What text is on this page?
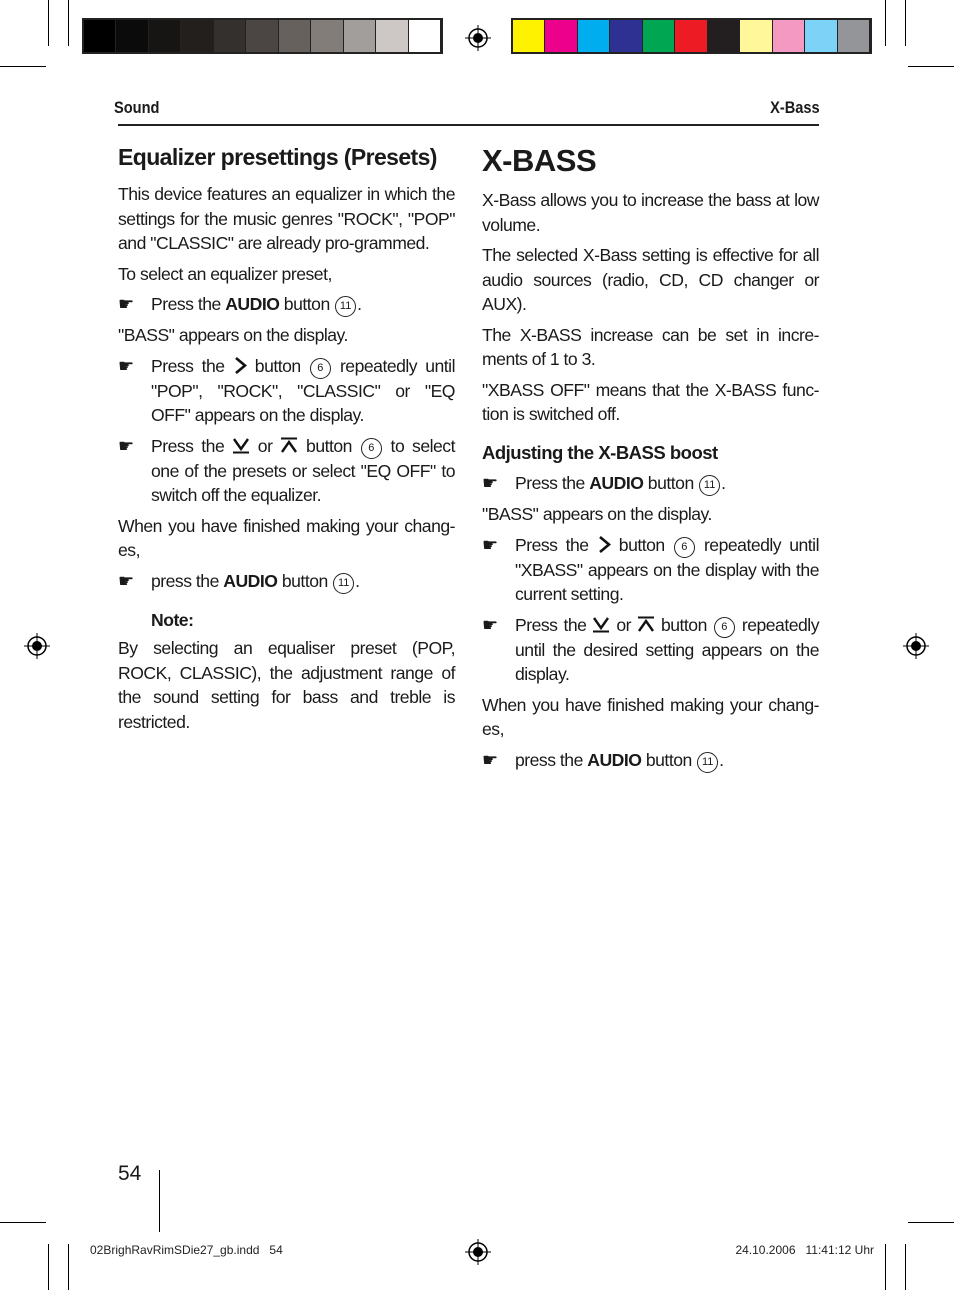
Sound	X-Bass
Equalizer presettings (Presets)

This device features an equalizer in which the settings for the music genres "ROCK", "POP" and "CLASSIC" are already pro-grammed.

To select an equalizer preset,

☛ Press the AUDIO button 11 .

"BASS" appears on the display.

☛ Press the  button 6 repeatedly until "POP", "ROCK", "CLASSIC" or "EQ OFF" appears on the display.
☛ Press the  or  button 6 to select one of the presets or select "EQ OFF" to switch off the equalizer.

When you have finished making your chang-es,

☛ press the AUDIO button 11 .
Note:

By selecting an equaliser preset (POP, ROCK, CLASSIC), the adjustment range of the sound setting for bass and treble is restricted.

X-BASS

X-Bass allows you to increase the bass at low volume.

The selected X-Bass setting is effective for all audio sources (radio, CD, CD changer or AUX).

The X-BASS increase can be set in incre-ments of 1 to 3.

"XBASS OFF" means that the X-BASS func-tion is switched off.

Adjusting the X-BASS boost
☛ Press the AUDIO button 11 .

"BASS" appears on the display.

☛ Press the  button 6 repeatedly until "XBASS" appears on the display with the current setting.
☛ Press the  or  button 6 repeatedly until the desired setting appears on the display.

When you have finished making your chang-es,

☛ press the AUDIO button 11 .
54
02BrighRavRimSDie27_gb.indd   54	24.10.2006   11:41:12 Uhr
